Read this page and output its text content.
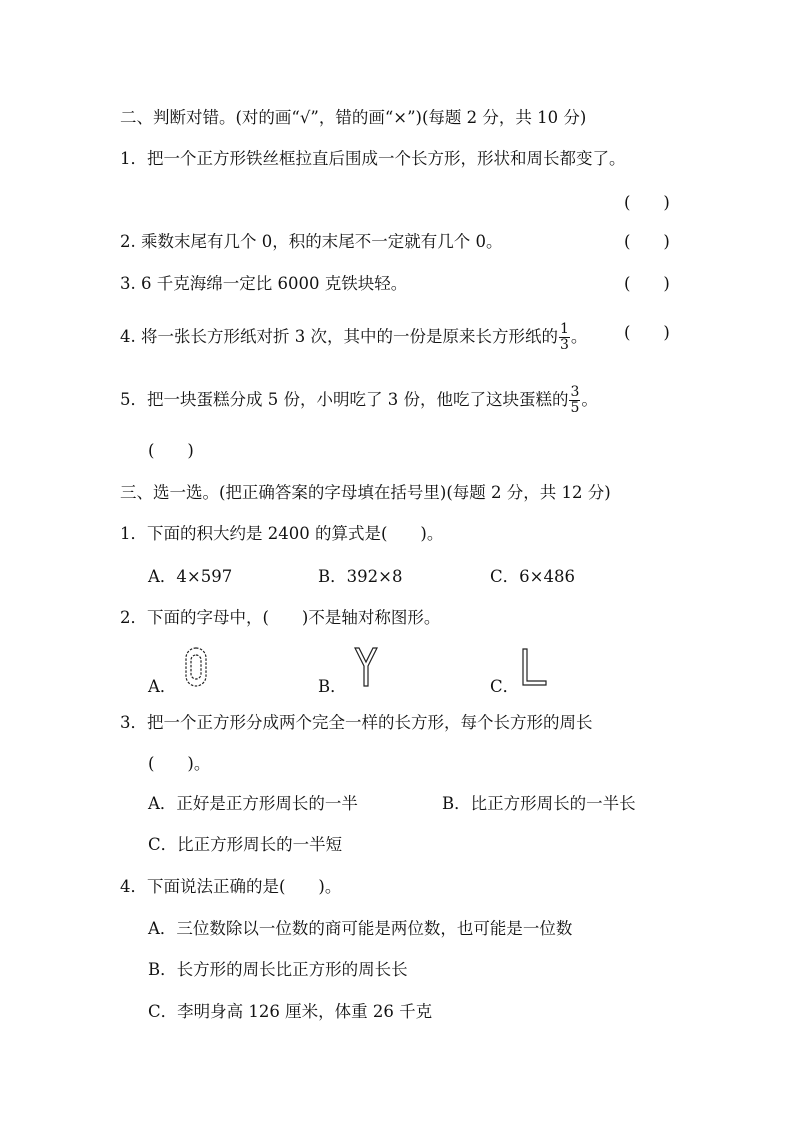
二、判断对错。(对的画“√”，错的画“×”)(每题 2 分，共 10 分)
1．把一个正方形铁丝框拉直后围成一个长方形，形状和周长都变了。
(　　)
2. 乘数末尾有几个 0，积的末尾不一定就有几个 0。	(　　)
3. 6 千克海绵一定比 6000 克铁块轻。	(　　)
4. 将一张长方形纸对折 3 次，其中的一份是原来长方形纸的 $\frac{1}{3}$ 。 (　　)
5．把一块蛋糕分成 5 份，小明吃了 3 份，他吃了这块蛋糕的 $\frac{3}{5}$ 。
(　　)
三、选一选。(把正确答案的字母填在括号里)(每题 2 分，共 12 分)
1．下面的积大约是 2400 的算式是(　　)。
A．4×597	B．392×8	C．6×486
2．下面的字母中，(　　)不是轴对称图形。
A．	B．	C．
3．把一个正方形分成两个完全一样的长方形，每个长方形的周长
(　　)。
A．正好是正方形周长的一半	B．比正方形周长的一半长
C．比正方形周长的一半短
4．下面说法正确的是(　　)。
A．三位数除以一位数的商可能是两位数，也可能是一位数
B．长方形的周长比正方形的周长长
C．李明身高 126 厘米，体重 26 千克
